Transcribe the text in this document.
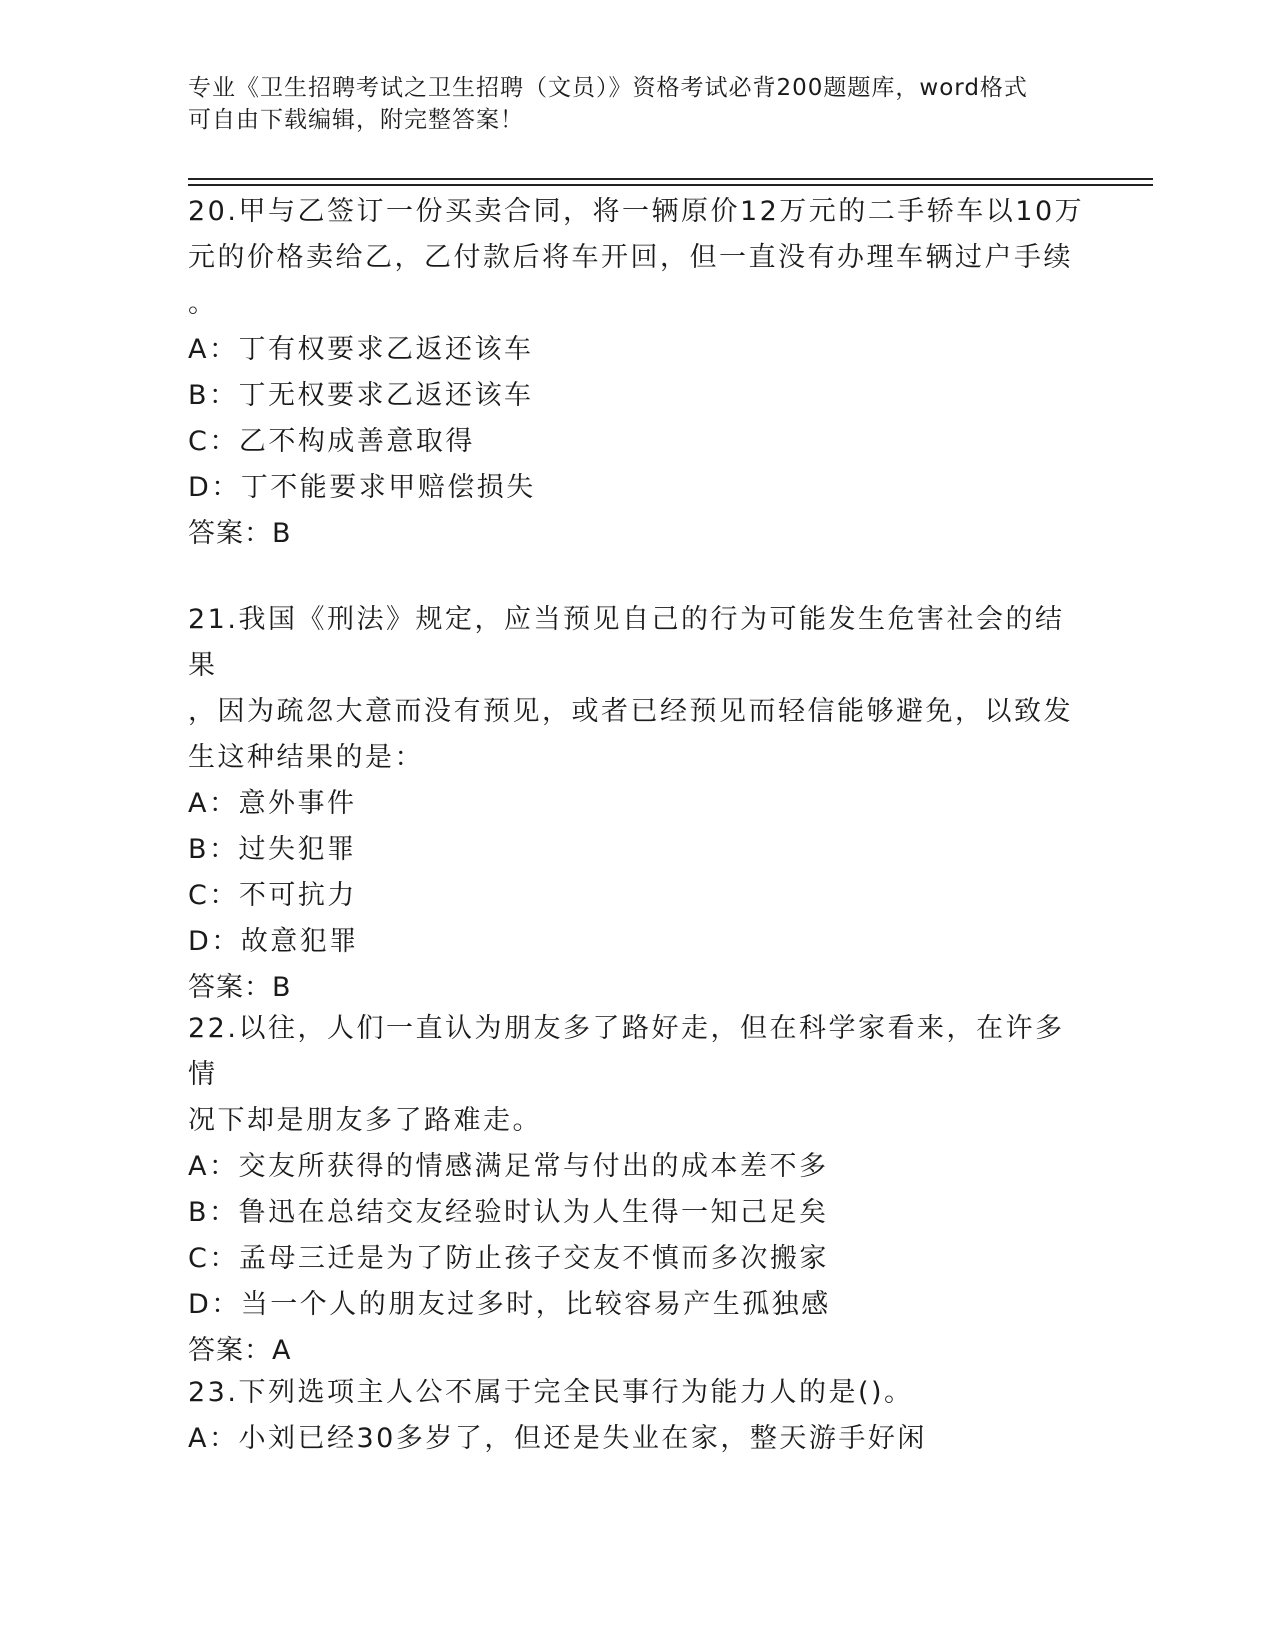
专业《卫生招聘考试之卫生招聘（文员）》资格考试必背200题题库，word格式
可自由下载编辑，附完整答案！

20.甲与乙签订一份买卖合同，将一辆原价12万元的二手轿车以10万

元的价格卖给乙，乙付款后将车开回，但一直没有办理车辆过户手续

。

A：丁有权要求乙返还该车

B：丁无权要求乙返还该车

C：乙不构成善意取得

D：丁不能要求甲赔偿损失

答案：B

21.我国《刑法》规定，应当预见自己的行为可能发生危害社会的结果

，因为疏忽大意而没有预见，或者已经预见而轻信能够避免，以致发

生这种结果的是：

A：意外事件

B：过失犯罪

C：不可抗力

D：故意犯罪

答案：B

22.以往，人们一直认为朋友多了路好走，但在科学家看来，在许多情

况下却是朋友多了路难走。

A：交友所获得的情感满足常与付出的成本差不多

B：鲁迅在总结交友经验时认为人生得一知己足矣

C：孟母三迁是为了防止孩子交友不慎而多次搬家

D：当一个人的朋友过多时，比较容易产生孤独感

答案：A

23.下列选项主人公不属于完全民事行为能力人的是()。

A：小刘已经30多岁了，但还是失业在家，整天游手好闲
